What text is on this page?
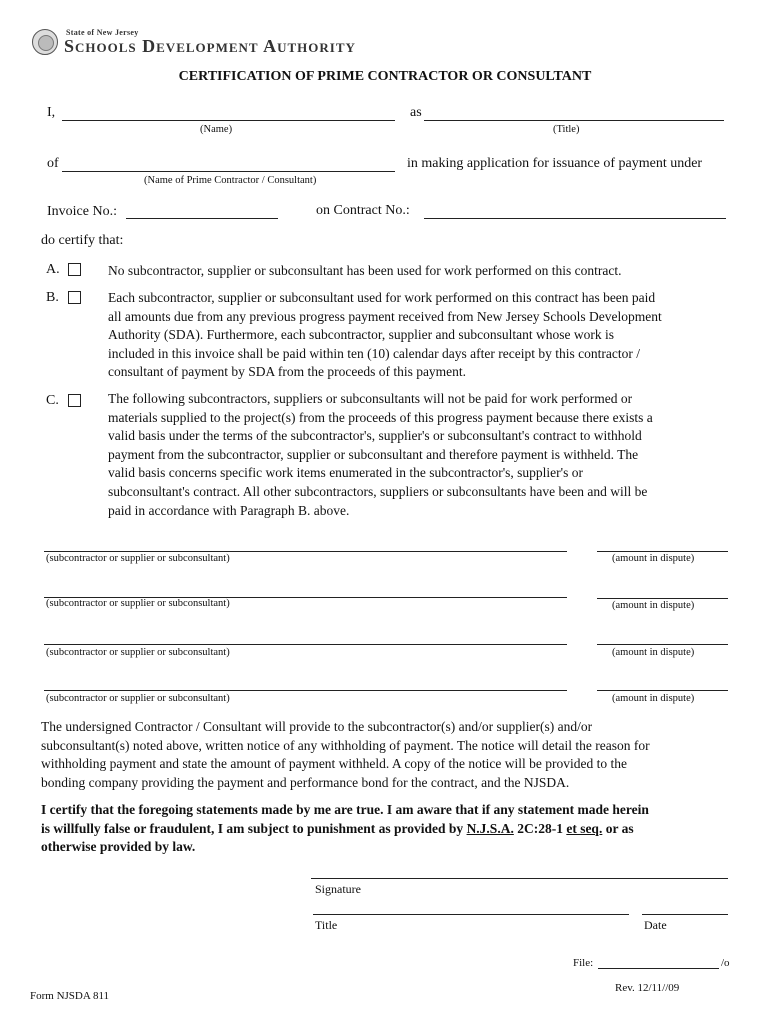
State of New Jersey
Schools Development Authority
CERTIFICATION OF PRIME CONTRACTOR OR CONSULTANT
I,	as
(Name)	(Title)
of	in making application for issuance of payment under
(Name of Prime Contractor / Consultant)
Invoice No.:	on Contract No.:
do certify that:
A.	No subcontractor, supplier or subconsultant has been used for work performed on this contract.
B.	Each subcontractor, supplier or subconsultant used for work performed on this contract has been paid
all amounts due from any previous progress payment received from New Jersey Schools Development
Authority (SDA). Furthermore, each subcontractor, supplier and subconsultant whose work is
included in this invoice shall be paid within ten (10) calendar days after receipt by this contractor /
consultant of payment by SDA from the proceeds of this payment.
C.	The following subcontractors, suppliers or subconsultants will not be paid for work performed or
materials supplied to the project(s) from the proceeds of this progress payment because there exists a
valid basis under the terms of the subcontractor's, supplier's or subconsultant's contract to withhold
payment from the subcontractor, supplier or subconsultant and therefore payment is withheld. The
valid basis concerns specific work items enumerated in the subcontractor's, supplier's or
subconsultant's contract. All other subcontractors, suppliers or subconsultants have been and will be
paid in accordance with Paragraph B. above.
(subcontractor or supplier or subconsultant)	(amount in dispute)
(subcontractor or supplier or subconsultant)	(amount in dispute)
(subcontractor or supplier or subconsultant)	(amount in dispute)
(subcontractor or supplier or subconsultant)	(amount in dispute)
The undersigned Contractor / Consultant will provide to the subcontractor(s) and/or supplier(s) and/or
subconsultant(s) noted above, written notice of any withholding of payment. The notice will detail the reason for
withholding payment and state the amount of payment withheld. A copy of the notice will be provided to the
bonding company providing the payment and performance bond for the contract, and the NJSDA.
I certify that the foregoing statements made by me are true. I am aware that if any statement made herein
is willfully false or fraudulent, I am subject to punishment as provided by N.J.S.A. 2C:28-1 et seq. or as
otherwise provided by law.
Signature
Title	Date
File:	/o
Rev. 12/11//09
Form NJSDA 811
